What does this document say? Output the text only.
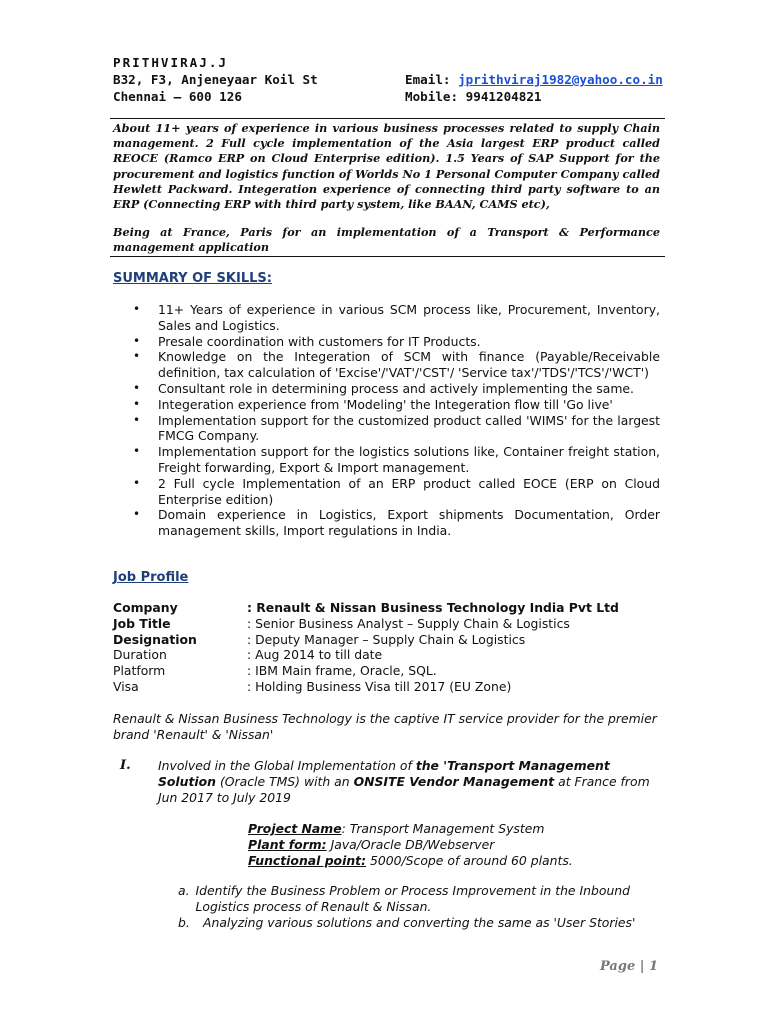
PRITHVIRAJ.J
B32, F3, Anjeneyaar Koil St	Email: jprithviraj1982@yahoo.co.in
Chennai – 600 126	Mobile: 9941204821
About 11+ years of experience in various business processes related to supply Chain management. 2 Full cycle implementation of the Asia largest ERP product called REOCE (Ramco ERP on Cloud Enterprise edition). 1.5 Years of SAP Support for the procurement and logistics function of Worlds No 1 Personal Computer Company called Hewlett Packward. Integeration experience of connecting third party software to an ERP (Connecting ERP with third party system, like BAAN, CAMS etc),
Being at France, Paris for an implementation of a Transport & Performance management application
SUMMARY OF SKILLS:
• 11+ Years of experience in various SCM process like, Procurement, Inventory, Sales and Logistics.
• Presale coordination with customers for IT Products.
• Knowledge on the Integeration of SCM with finance (Payable/Receivable definition, tax calculation of 'Excise'/'VAT'/'CST'/ 'Service tax'/'TDS'/'TCS'/'WCT')
• Consultant role in determining process and actively implementing the same.
• Integeration experience from 'Modeling' the Integeration flow till 'Go live'
• Implementation support for the customized product called 'WIMS' for the largest FMCG Company.
• Implementation support for the logistics solutions like, Container freight station, Freight forwarding, Export & Import management.
• 2 Full cycle Implementation of an ERP product called EOCE (ERP on Cloud Enterprise edition)
• Domain experience in Logistics, Export shipments Documentation, Order management skills, Import regulations in India.
Job Profile
Company	: Renault & Nissan Business Technology India Pvt Ltd
Job Title	: Senior Business Analyst – Supply Chain & Logistics
Designation	: Deputy Manager – Supply Chain & Logistics
Duration	: Aug 2014 to till date
Platform	: IBM Main frame, Oracle, SQL.
Visa	: Holding Business Visa till 2017 (EU Zone)
Renault & Nissan Business Technology is the captive IT service provider for the premier brand 'Renault' & 'Nissan'
I. Involved in the Global Implementation of the 'Transport Management Solution (Oracle TMS) with an ONSITE Vendor Management at France from Jun 2017 to July 2019
Project Name: Transport Management System
Plant form: Java/Oracle DB/Webserver
Functional point: 5000/Scope of around 60 plants.
a. Identify the Business Problem or Process Improvement in the Inbound Logistics process of Renault & Nissan.
b.	Analyzing various solutions and converting the same as 'User Stories'
Page | 1
